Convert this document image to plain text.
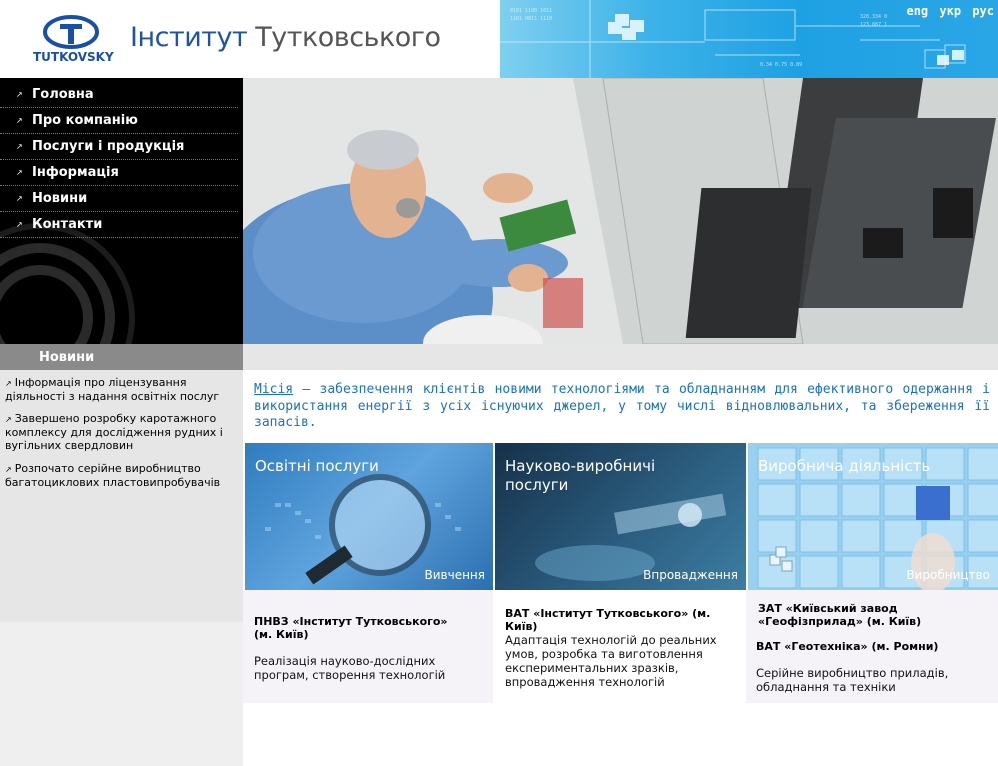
TUTKOVSKY
Інститут Тутковського
0101 1100 1011
1101 0011 1110	320.334 0
123.887 1
0.34 0.75 0.89
eng укр рус
↗ Головна
↗ Про компанію
↗ Послуги і продукція
↗ Інформація
↗ Новини
↗ Контакти
Новини
↗ Інформація про ліцензування діяльності з надання освітніх послуг
↗ Завершено розробку каротажного комплексу для дослідження рудних і вугільних свердловин
↗ Розпочато серійне виробництво багатоциклових пластовипробувачів
Місія – забезпечення клієнтів новими технологіями та обладнанням для ефективного одержання і використання енергії з усіх існуючих джерел, у тому числі відновлювальних, та збереження її запасів.
Освітні послуги
Вивчення
Науково-виробничі послуги
Впровадження
Виробнича діяльність
Виробництво
ПНВЗ «Інститут Тутковського» (м. Київ)
Реалізація науково-дослідних програм, створення технологій
ВАТ «Інститут Тутковського» (м. Київ)
Адаптація технологій до реальних умов, розробка та виготовлення експериментальних зразків, впровадження технологій
ЗАТ «Київський завод «Геофізприлад» (м. Київ)
ВАТ «Геотехніка» (м. Ромни)
Серійне виробництво приладів, обладнання та техніки
